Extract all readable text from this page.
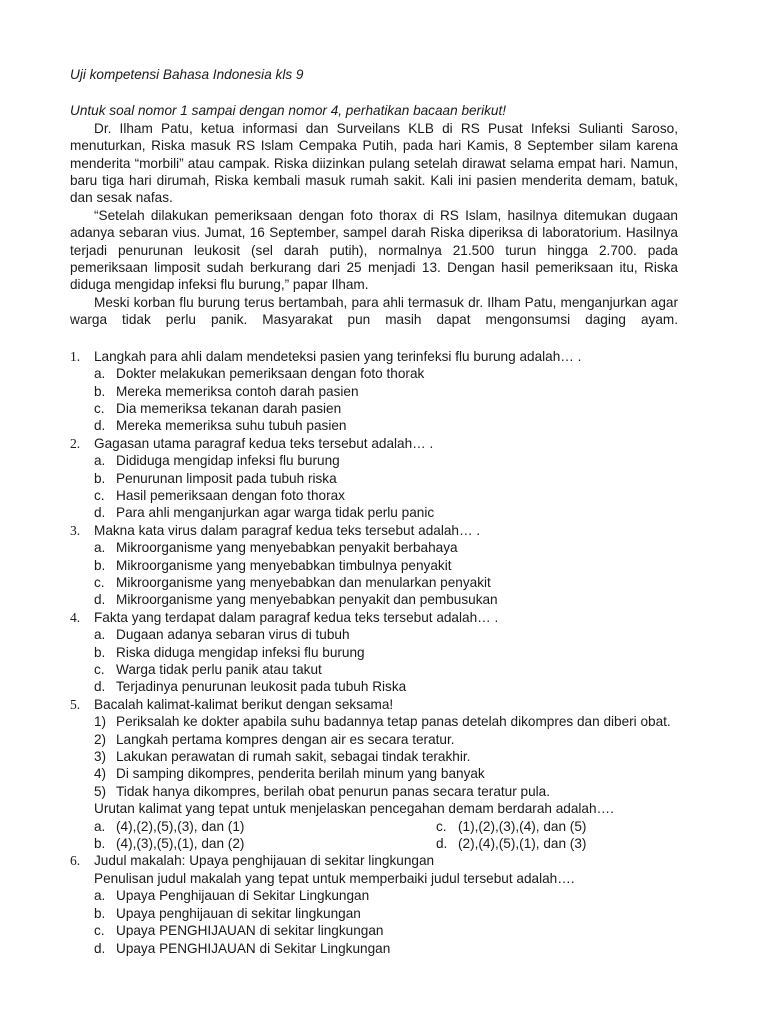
Uji kompetensi Bahasa Indonesia kls 9
Untuk soal nomor 1 sampai dengan nomor 4, perhatikan bacaan berikut!

Dr. Ilham Patu, ketua informasi dan Surveilans KLB di RS Pusat Infeksi Sulianti Saroso, menuturkan, Riska masuk RS Islam Cempaka Putih, pada hari Kamis, 8 September silam karena menderita “morbili” atau campak. Riska diizinkan pulang setelah dirawat selama empat hari. Namun, baru tiga hari dirumah, Riska kembali masuk rumah sakit. Kali ini pasien menderita demam, batuk, dan sesak nafas.

“Setelah dilakukan pemeriksaan dengan foto thorax di RS Islam, hasilnya ditemukan dugaan adanya sebaran vius. Jumat, 16 September, sampel darah Riska diperiksa di laboratorium. Hasilnya terjadi penurunan leukosit (sel darah putih), normalnya 21.500 turun hingga 2.700. pada pemeriksaan limposit sudah berkurang dari 25 menjadi 13. Dengan hasil pemeriksaan itu, Riska diduga mengidap infeksi flu burung,” papar Ilham.

Meski korban flu burung terus bertambah, para ahli termasuk dr. Ilham Patu, menganjurkan agar warga tidak perlu panik. Masyarakat pun masih dapat mengonsumsi daging ayam.

1. Langkah para ahli dalam mendeteksi pasien yang terinfeksi flu burung adalah… .
a. Dokter melakukan pemeriksaan dengan foto thorak
b. Mereka memeriksa contoh darah pasien
c. Dia memeriksa tekanan darah pasien
d. Mereka memeriksa suhu tubuh pasien
2. Gagasan utama paragraf kedua teks tersebut adalah… .
a. Dididuga mengidap infeksi flu burung
b. Penurunan limposit pada tubuh riska
c. Hasil pemeriksaan dengan foto thorax
d. Para ahli menganjurkan agar warga tidak perlu panic
3. Makna kata virus dalam paragraf kedua teks tersebut adalah… .
a. Mikroorganisme yang menyebabkan penyakit berbahaya
b. Mikroorganisme yang menyebabkan timbulnya penyakit
c. Mikroorganisme yang menyebabkan dan menularkan penyakit
d. Mikroorganisme yang menyebabkan penyakit dan pembusukan
4. Fakta yang terdapat dalam paragraf kedua teks tersebut adalah… .
a. Dugaan adanya sebaran virus di tubuh
b. Riska diduga mengidap infeksi flu burung
c. Warga tidak perlu panik atau takut
d. Terjadinya penurunan leukosit pada tubuh Riska
5. Bacalah kalimat-kalimat berikut dengan seksama!
1) Periksalah ke dokter apabila suhu badannya tetap panas detelah dikompres dan diberi obat.
2) Langkah pertama kompres dengan air es secara teratur.
3) Lakukan perawatan di rumah sakit, sebagai tindak terakhir.
4) Di samping dikompres, penderita berilah minum yang banyak
5) Tidak hanya dikompres, berilah obat penurun panas secara teratur pula.
Urutan kalimat yang tepat untuk menjelaskan pencegahan demam berdarah adalah….
a. (4),(2),(5),(3), dan (1)	c. (1),(2),(3),(4), dan (5)
b. (4),(3),(5),(1), dan (2)	d. (2),(4),(5),(1), dan (3)
6. Judul makalah: Upaya penghijauan di sekitar lingkungan
Penulisan judul makalah yang tepat untuk memperbaiki judul tersebut adalah….
a. Upaya Penghijauan di Sekitar Lingkungan
b. Upaya penghijauan di sekitar lingkungan
c. Upaya PENGHIJAUAN di sekitar lingkungan
d. Upaya PENGHIJAUAN di Sekitar Lingkungan
